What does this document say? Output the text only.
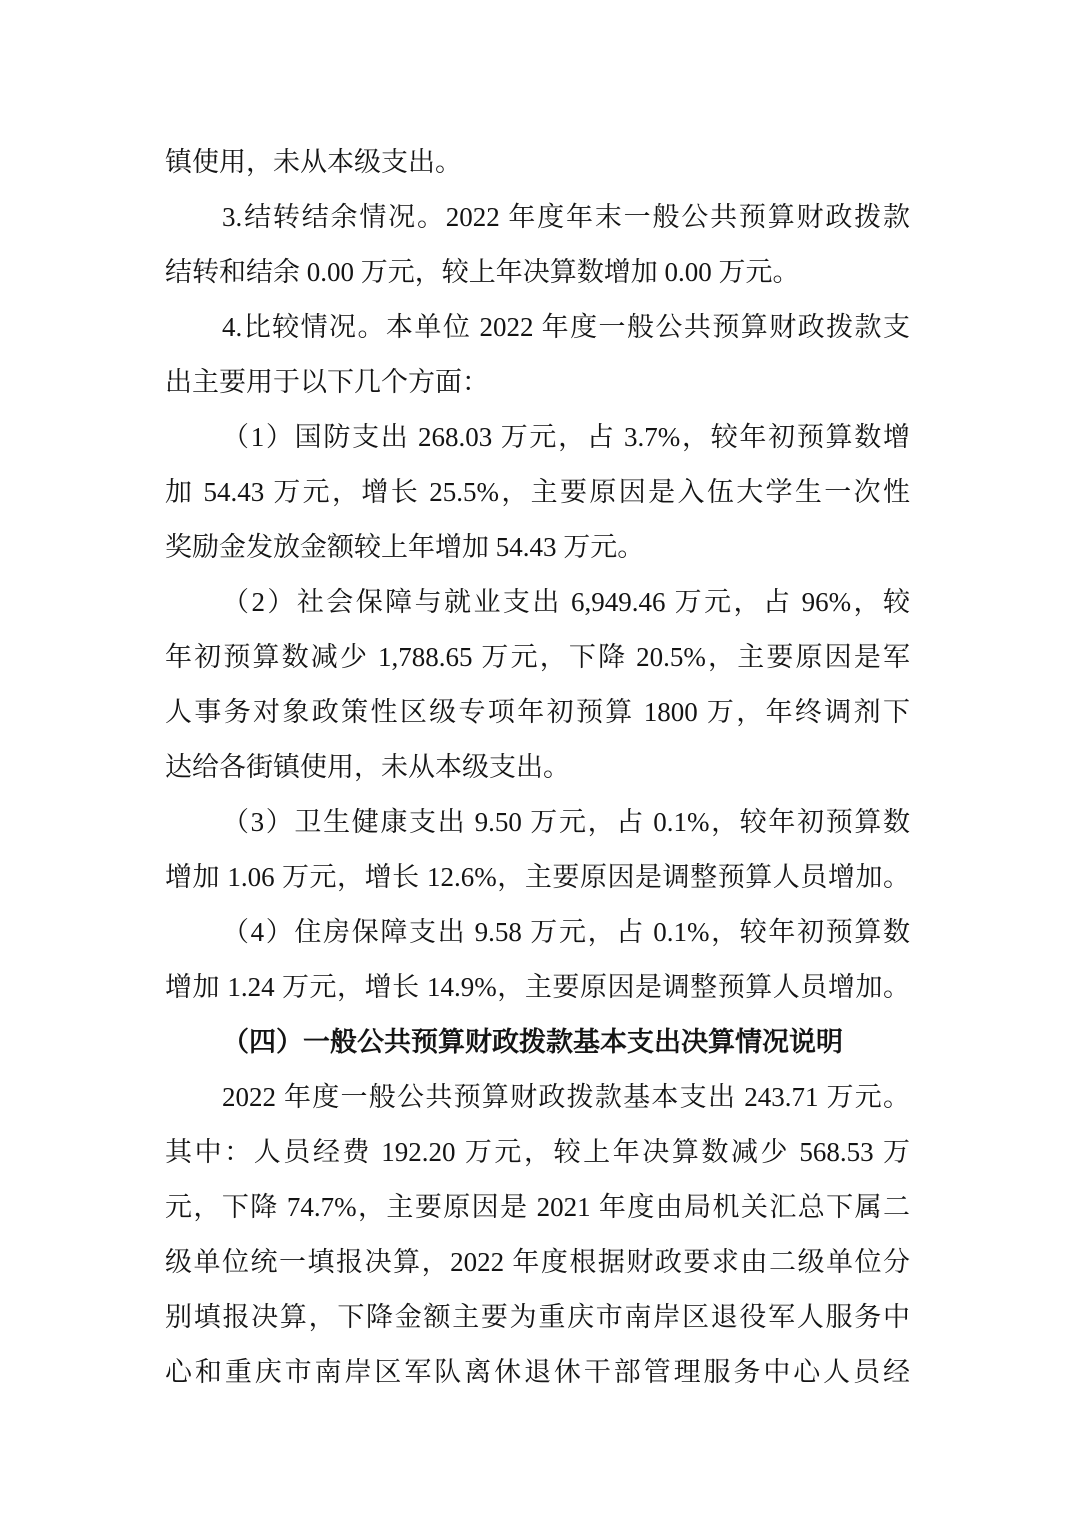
镇使用，未从本级支出。

3.结转结余情况。2022 年度年末一般公共预算财政拨款
结转和结余 0.00 万元，较上年决算数增加 0.00 万元。

4.比较情况。本单位 2022 年度一般公共预算财政拨款支
出主要用于以下几个方面：

（1）国防支出 268.03 万元，占 3.7%，较年初预算数增
加 54.43 万元，增长 25.5%，主要原因是入伍大学生一次性
奖励金发放金额较上年增加 54.43 万元。

（2）社会保障与就业支出 6,949.46 万元，占 96%，较
年初预算数减少 1,788.65 万元，下降 20.5%，主要原因是军
人事务对象政策性区级专项年初预算 1800 万，年终调剂下
达给各街镇使用，未从本级支出。

（3）卫生健康支出 9.50 万元，占 0.1%，较年初预算数
增加 1.06 万元，增长 12.6%，主要原因是调整预算人员增加。

（4）住房保障支出 9.58 万元，占 0.1%，较年初预算数
增加 1.24 万元，增长 14.9%，主要原因是调整预算人员增加。

（四）一般公共预算财政拨款基本支出决算情况说明

2022 年度一般公共预算财政拨款基本支出 243.71 万元。
其中：人员经费 192.20 万元，较上年决算数减少 568.53 万
元，下降 74.7%，主要原因是 2021 年度由局机关汇总下属二
级单位统一填报决算，2022 年度根据财政要求由二级单位分
别填报决算，下降金额主要为重庆市南岸区退役军人服务中
心和重庆市南岸区军队离休退休干部管理服务中心人员经
